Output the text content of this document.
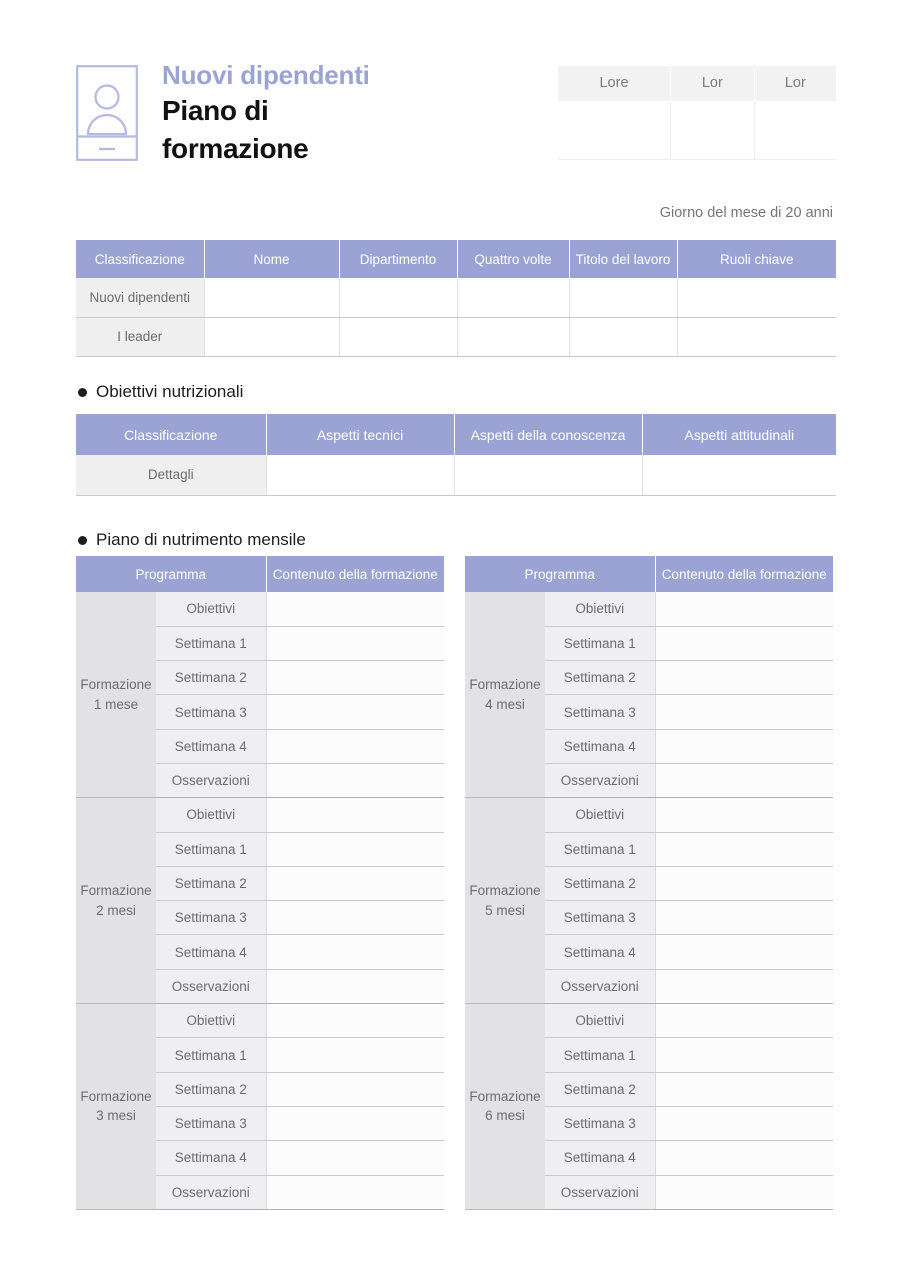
Nuovi dipendenti
Piano di
formazione
Lore	Lor	Lor

Giorno del mese di 20 anni
Classificazione	Nome	Dipartimento	Quattro volte	Titolo del lavoro	Ruoli chiave
Nuovi dipendenti					
I leader					
Obiettivi nutrizionali
Classificazione	Aspetti tecnici	Aspetti della conoscenza	Aspetti attitudinali
Dettagli			
Piano di nutrimento mensile
Programma		Contenuto della formazione
Formazione
1 mese	Obiettivi	
	Settimana 1	
	Settimana 2	
	Settimana 3	
	Settimana 4	
	Osservazioni	
Formazione
2 mesi	Obiettivi	
	Settimana 1	
	Settimana 2	
	Settimana 3	
	Settimana 4	
	Osservazioni	
Formazione
3 mesi	Obiettivi	
	Settimana 1	
	Settimana 2	
	Settimana 3	
	Settimana 4	
	Osservazioni	
Programma		Contenuto della formazione
Formazione
4 mesi	Obiettivi	
	Settimana 1	
	Settimana 2	
	Settimana 3	
	Settimana 4	
	Osservazioni	
Formazione
5 mesi	Obiettivi	
	Settimana 1	
	Settimana 2	
	Settimana 3	
	Settimana 4	
	Osservazioni	
Formazione
6 mesi	Obiettivi	
	Settimana 1	
	Settimana 2	
	Settimana 3	
	Settimana 4	
	Osservazioni	
